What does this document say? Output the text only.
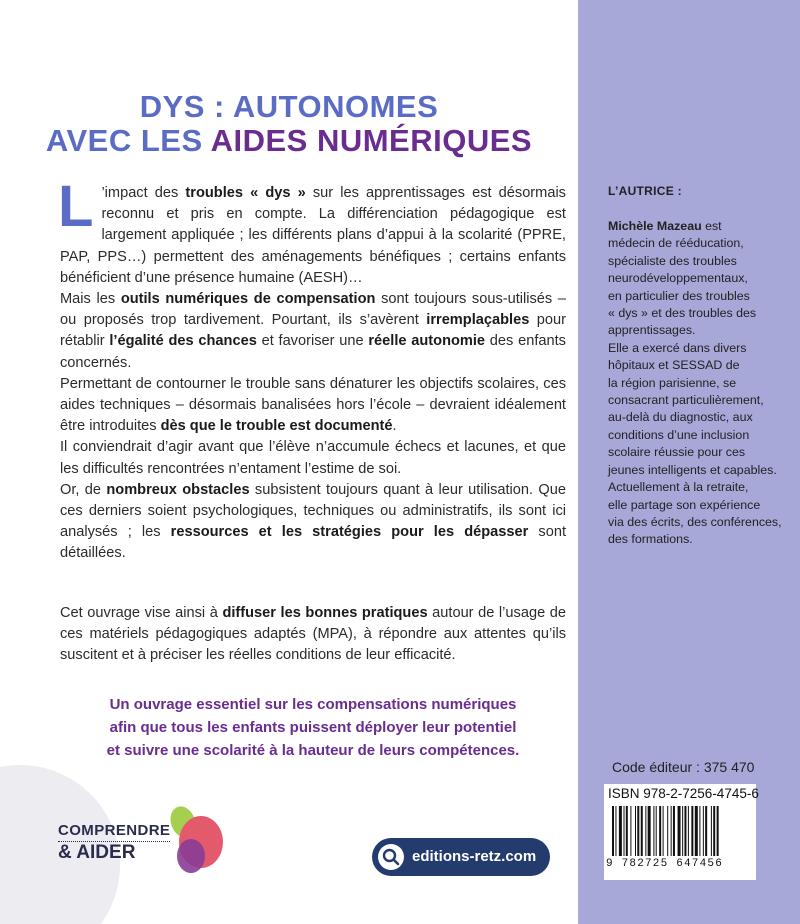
DYS : AUTONOMES
AVEC LES AIDES NUMÉRIQUES

L ’impact des troubles « dys » sur les apprentissages est désormais reconnu et pris en compte. La différenciation pédagogique est largement appliquée ; les différents plans d’appui à la scolarité (PPRE, PAP, PPS…) permettent des aménagements bénéfiques ; certains enfants bénéficient d’une présence humaine (AESH)…

Mais les outils numériques de compensation sont toujours sous-utilisés – ou proposés trop tardivement. Pourtant, ils s’avèrent irremplaçables pour rétablir l’égalité des chances et favoriser une réelle autonomie des enfants concernés.

Permettant de contourner le trouble sans dénaturer les objectifs scolaires, ces aides techniques – désormais banalisées hors l’école – devraient idéalement être introduites dès que le trouble est documenté.

Il conviendrait d’agir avant que l’élève n’accumule échecs et lacunes, et que les difficultés rencontrées n’entament l’estime de soi.

Or, de nombreux obstacles subsistent toujours quant à leur utilisation. Que ces derniers soient psychologiques, techniques ou administratifs, ils sont ici analysés ; les ressources et les stratégies pour les dépasser sont détaillées.

Cet ouvrage vise ainsi à diffuser les bonnes pratiques autour de l’usage de ces matériels pédagogiques adaptés (MPA), à répondre aux attentes qu’ils suscitent et à préciser les réelles conditions de leur efficacité.

Un ouvrage essentiel sur les compensations numériques
afin que tous les enfants puissent déployer leur potentiel
et suivre une scolarité à la hauteur de leurs compétences.
L’AUTRICE :
Michèle Mazeau est
médecin de rééducation,
spécialiste des troubles
neurodéveloppementaux,
en particulier des troubles
« dys » et des troubles des
apprentissages.
Elle a exercé dans divers
hôpitaux et SESSAD de
la région parisienne, se
consacrant particulièrement,
au-delà du diagnostic, aux
conditions d’une inclusion
scolaire réussie pour ces
jeunes intelligents et capables.
Actuellement à la retraite,
elle partage son expérience
via des écrits, des conférences,
des formations.
Code éditeur : 375 470
ISBN 978-2-7256-4745-6
9 782725 647456
COMPRENDRE
& AIDER	editions-retz.com
